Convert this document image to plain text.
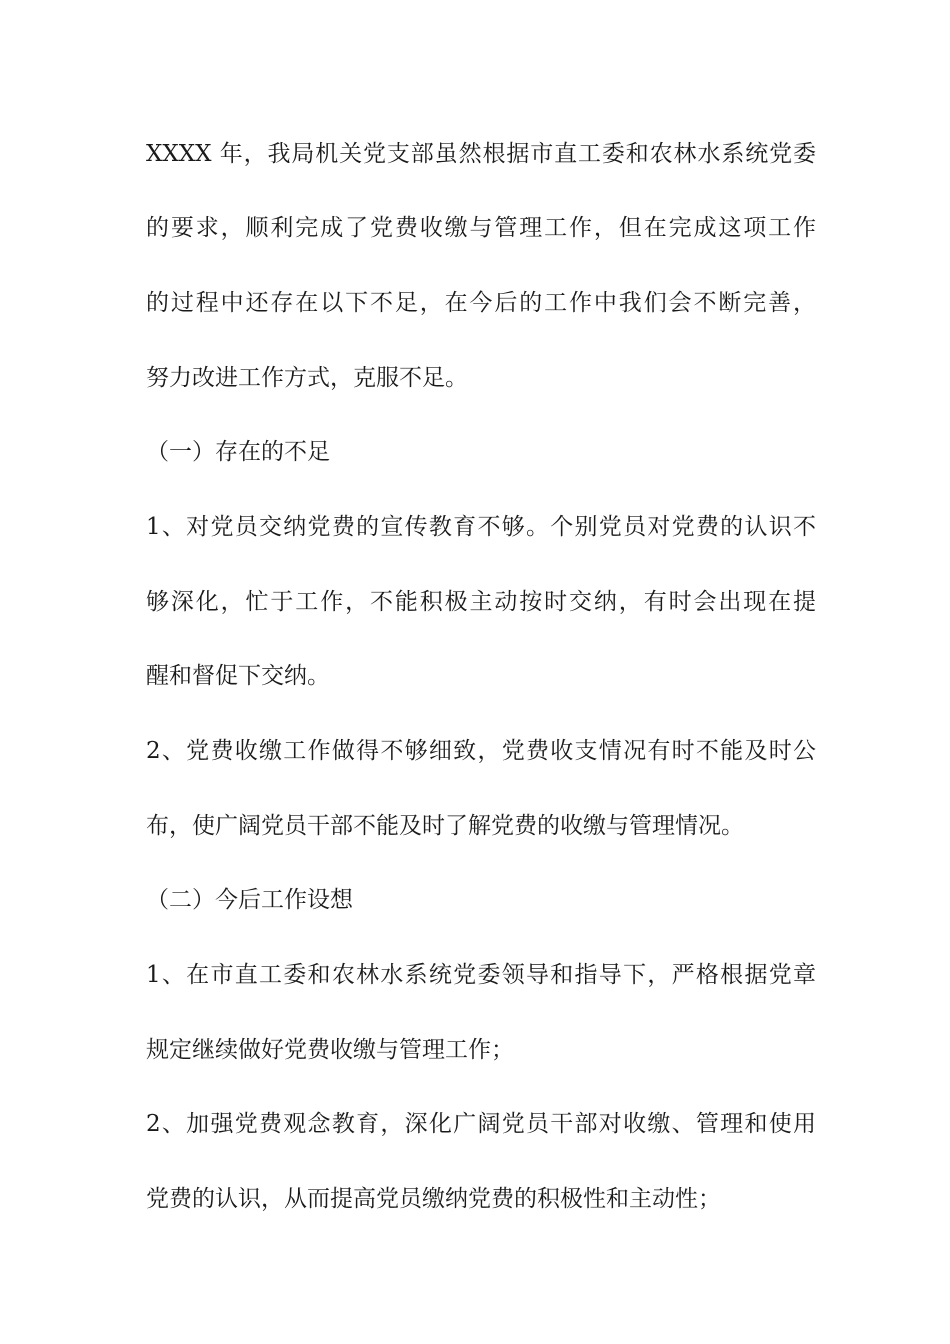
XXXX 年，我局机关党支部虽然根据市直工委和农林水系统党委
的要求，顺利完成了党费收缴与管理工作，但在完成这项工作
的过程中还存在以下不足，在今后的工作中我们会不断完善，
努力改进工作方式，克服不足。
（一）存在的不足
1、对党员交纳党费的宣传教育不够。个别党员对党费的认识不
够深化，忙于工作，不能积极主动按时交纳，有时会出现在提
醒和督促下交纳。
2、党费收缴工作做得不够细致，党费收支情况有时不能及时公
布，使广阔党员干部不能及时了解党费的收缴与管理情况。
（二）今后工作设想
1、在市直工委和农林水系统党委领导和指导下，严格根据党章
规定继续做好党费收缴与管理工作；
2、加强党费观念教育，深化广阔党员干部对收缴、管理和使用
党费的认识，从而提高党员缴纳党费的积极性和主动性；
